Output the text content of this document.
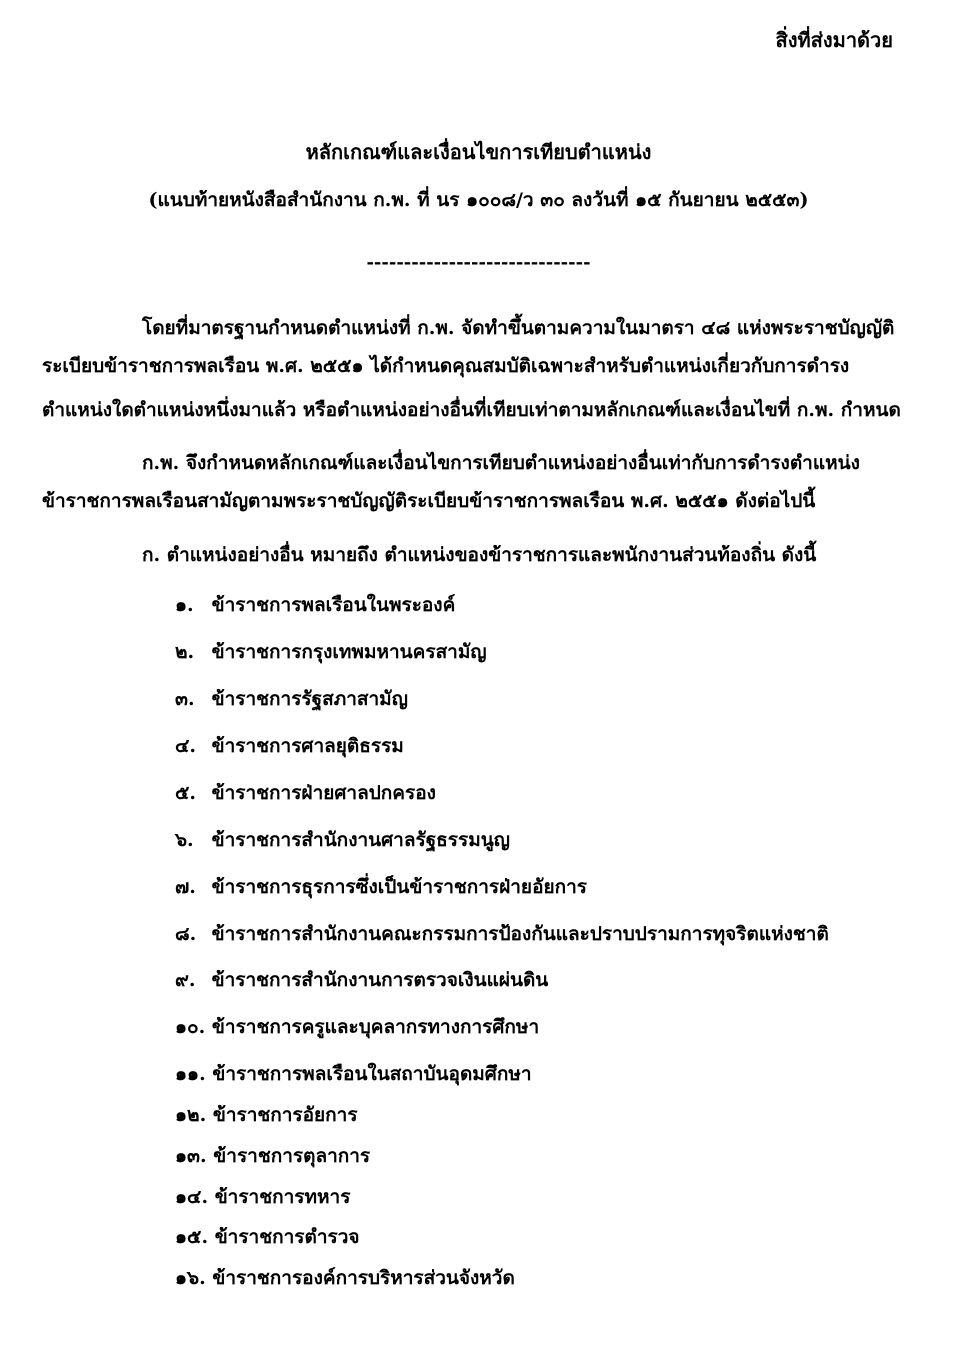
สิ่งที่ส่งมาด้วย
หลักเกณฑ์และเงื่อนไขการเทียบตำแหน่ง
(แนบท้ายหนังสือสำนักงาน ก.พ. ที่ นร ๑๐๐๘/ว ๓๐ ลงวันที่ ๑๕ กันยายน ๒๕๕๓)
------------------------------
โดยที่มาตรฐานกำหนดตำแหน่งที่ ก.พ. จัดทำขึ้นตามความในมาตรา ๔๘ แห่งพระราชบัญญัติ
ระเบียบข้าราชการพลเรือน พ.ศ. ๒๕๕๑ ได้กำหนดคุณสมบัติเฉพาะสำหรับตำแหน่งเกี่ยวกับการดำรง
ตำแหน่งใดตำแหน่งหนึ่งมาแล้ว หรือตำแหน่งอย่างอื่นที่เทียบเท่าตามหลักเกณฑ์และเงื่อนไขที่ ก.พ. กำหนด
ก.พ. จึงกำหนดหลักเกณฑ์และเงื่อนไขการเทียบตำแหน่งอย่างอื่นเท่ากับการดำรงตำแหน่ง
ข้าราชการพลเรือนสามัญตามพระราชบัญญัติระเบียบข้าราชการพลเรือน พ.ศ. ๒๕๕๑ ดังต่อไปนี้
ก. ตำแหน่งอย่างอื่น หมายถึง ตำแหน่งของข้าราชการและพนักงานส่วนท้องถิ่น ดังนี้
๑. ข้าราชการพลเรือนในพระองค์
๒. ข้าราชการกรุงเทพมหานครสามัญ
๓. ข้าราชการรัฐสภาสามัญ
๔. ข้าราชการศาลยุติธรรม
๕. ข้าราชการฝ่ายศาลปกครอง
๖. ข้าราชการสำนักงานศาลรัฐธรรมนูญ
๗. ข้าราชการธุรการซึ่งเป็นข้าราชการฝ่ายอัยการ
๘. ข้าราชการสำนักงานคณะกรรมการป้องกันและปราบปรามการทุจริตแห่งชาติ
๙. ข้าราชการสำนักงานการตรวจเงินแผ่นดิน
๑๐. ข้าราชการครูและบุคลากรทางการศึกษา
๑๑. ข้าราชการพลเรือนในสถาบันอุดมศึกษา
๑๒. ข้าราชการอัยการ
๑๓. ข้าราชการตุลาการ
๑๔. ข้าราชการทหาร
๑๕. ข้าราชการตำรวจ
๑๖. ข้าราชการองค์การบริหารส่วนจังหวัด
